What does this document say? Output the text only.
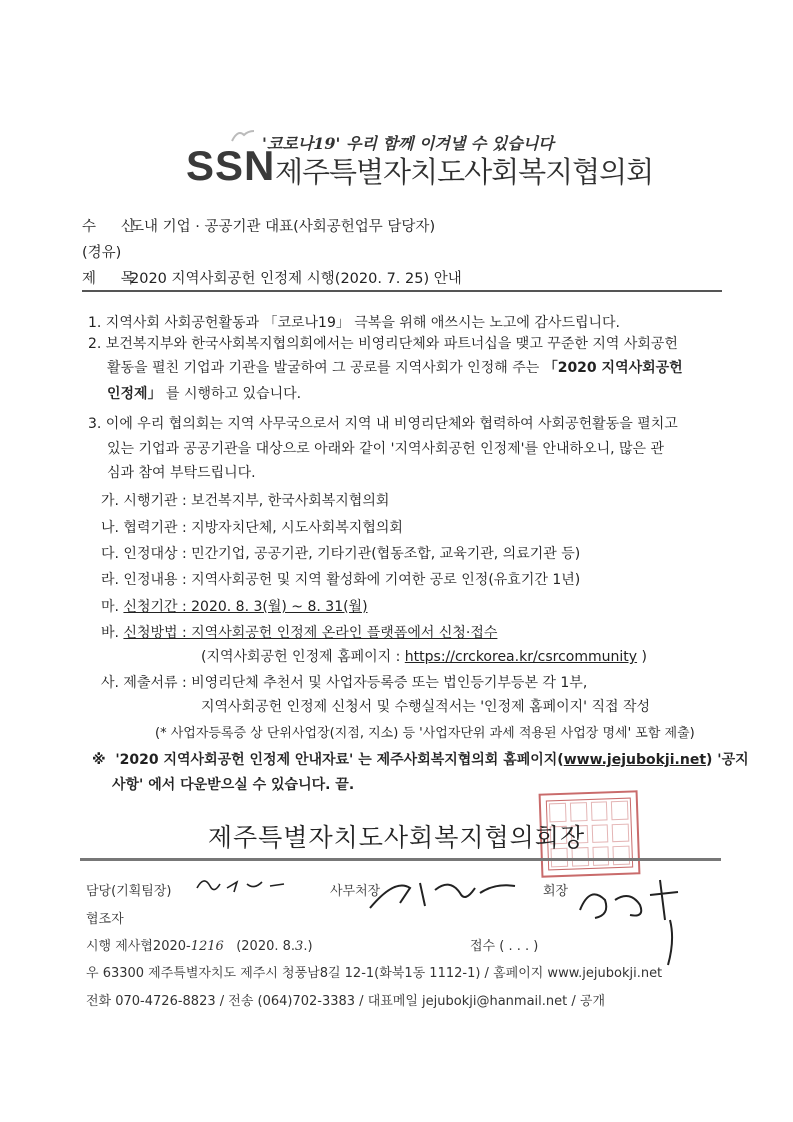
'코로나19' 우리 함께 이겨낼 수 있습니다
SSN 제주특별자치도사회복지협의회
수 신도내 기업 · 공공기관 대표(사회공헌업무 담당자)
(경유)
제 목2020 지역사회공헌 인정제 시행(2020. 7. 25) 안내
1. 지역사회 사회공헌활동과 「코로나19」 극복을 위해 애쓰시는 노고에 감사드립니다.
2. 보건복지부와 한국사회복지협의회에서는 비영리단체와 파트너십을 맺고 꾸준한 지역 사회공헌
활동을 펼친 기업과 기관을 발굴하여 그 공로를 지역사회가 인정해 주는 「2020 지역사회공헌
인정제」 를 시행하고 있습니다.
3. 이에 우리 협의회는 지역 사무국으로서 지역 내 비영리단체와 협력하여 사회공헌활동을 펼치고
있는 기업과 공공기관을 대상으로 아래와 같이 '지역사회공헌 인정제'를 안내하오니, 많은 관
심과 참여 부탁드립니다.
가. 시행기관 : 보건복지부, 한국사회복지협의회
나. 협력기관 : 지방자치단체, 시도사회복지협의회
다. 인정대상 : 민간기업, 공공기관, 기타기관(협동조합, 교육기관, 의료기관 등)
라. 인정내용 : 지역사회공헌 및 지역 활성화에 기여한 공로 인정(유효기간 1년)
마. 신청기간 : 2020. 8. 3(월) ~ 8. 31(월)
바. 신청방법 : 지역사회공헌 인정제 온라인 플랫폼에서 신청·접수
(지역사회공헌 인정제 홈페이지 : https://crckorea.kr/csrcommunity )
사. 제출서류 : 비영리단체 추천서 및 사업자등록증 또는 법인등기부등본 각 1부,
지역사회공헌 인정제 신청서 및 수행실적서는 '인정제 홈페이지' 직접 작성
(* 사업자등록증 상 단위사업장(지점, 지소) 등 '사업자단위 과세 적용된 사업장 명세' 포함 제출)
※ '2020 지역사회공헌 인정제 안내자료' 는 제주사회복지협의회 홈페이지(www.jejubokji.net) '공지
사항' 에서 다운받으실 수 있습니다. 끝.
제주특별자치도사회복지협의회장
담당(기획팀장)	사무처장	회장
협조자
시행 제사협2020-1216 (2020. 8.3.)	접수 ( . . . )
우 63300 제주특별자치도 제주시 청풍남8길 12-1(화북1동 1112-1) / 홈페이지 www.jejubokji.net
전화 070-4726-8823 / 전송 (064)702-3383 / 대표메일 jejubokji@hanmail.net / 공개
